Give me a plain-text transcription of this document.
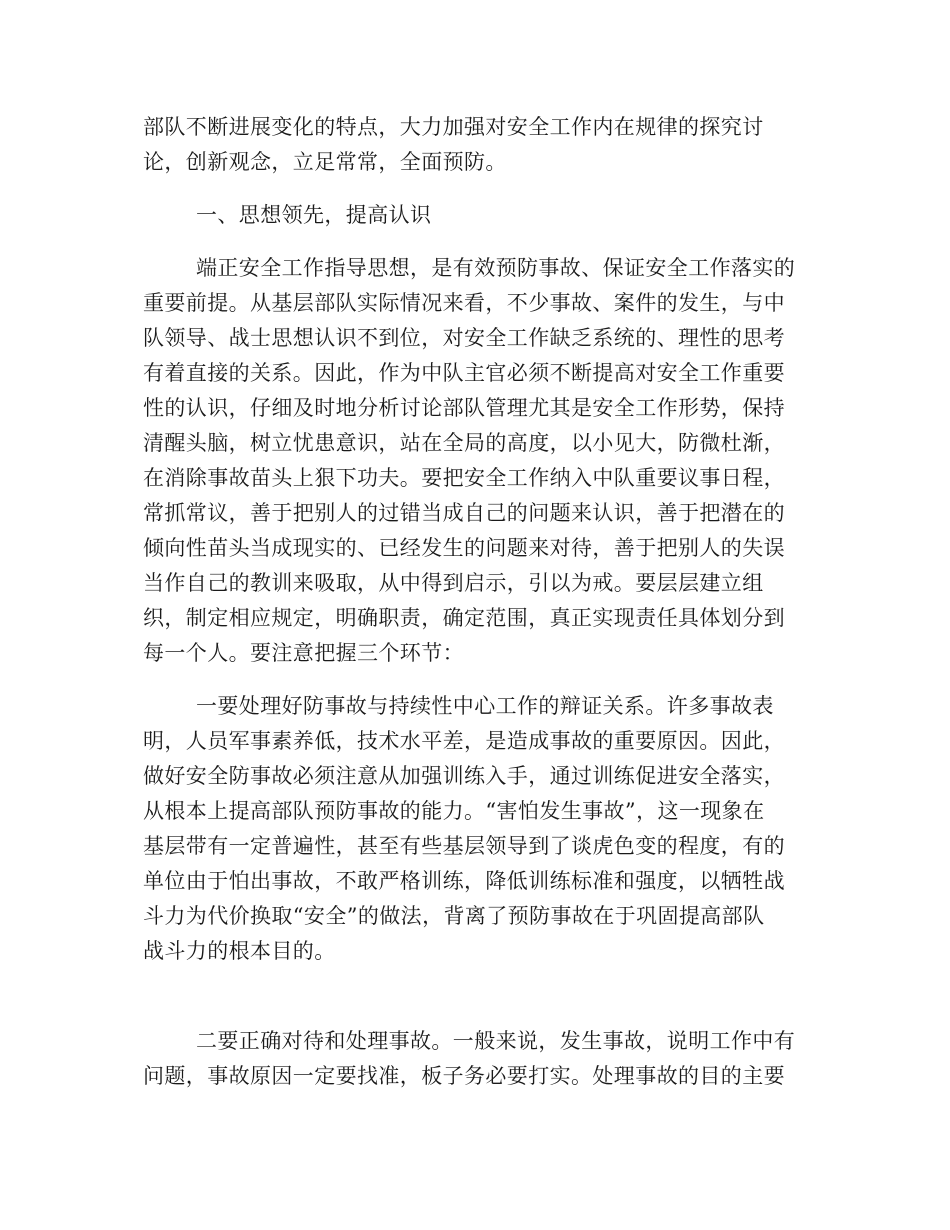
部队不断进展变化的特点，大力加强对安全工作内在规律的探究讨
论，创新观念，立足常常，全面预防。
一、思想领先，提高认识
端正安全工作指导思想，是有效预防事故、保证安全工作落实的
重要前提。从基层部队实际情况来看，不少事故、案件的发生，与中
队领导、战士思想认识不到位，对安全工作缺乏系统的、理性的思考
有着直接的关系。因此，作为中队主官必须不断提高对安全工作重要
性的认识，仔细及时地分析讨论部队管理尤其是安全工作形势，保持
清醒头脑，树立忧患意识，站在全局的高度，以小见大，防微杜渐，
在消除事故苗头上狠下功夫。要把安全工作纳入中队重要议事日程，
常抓常议，善于把别人的过错当成自己的问题来认识，善于把潜在的
倾向性苗头当成现实的、已经发生的问题来对待，善于把别人的失误
当作自己的教训来吸取，从中得到启示，引以为戒。要层层建立组
织，制定相应规定，明确职责，确定范围，真正实现责任具体划分到
每一个人。要注意把握三个环节：
一要处理好防事故与持续性中心工作的辩证关系。许多事故表
明，人员军事素养低，技术水平差，是造成事故的重要原因。因此，
做好安全防事故必须注意从加强训练入手，通过训练促进安全落实，
从根本上提高部队预防事故的能力。“害怕发生事故”，这一现象在
基层带有一定普遍性，甚至有些基层领导到了谈虎色变的程度，有的
单位由于怕出事故，不敢严格训练，降低训练标准和强度，以牺牲战
斗力为代价换取“安全”的做法，背离了预防事故在于巩固提高部队
战斗力的根本目的。
二要正确对待和处理事故。一般来说，发生事故，说明工作中有
问题，事故原因一定要找准，板子务必要打实。处理事故的目的主要
